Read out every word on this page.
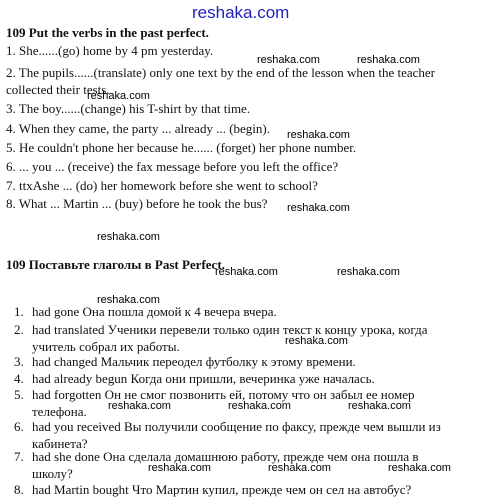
reshaka.com
109 Put the verbs in the past perfect.
1. She......(go) home by 4 pm yesterday.
2. The pupils......(translate) only one text by the end of the lesson when the teacher
collected their tests.
3. The boy......(change) his T-shirt by that time.
4. When they came, the party ... already ... (begin).
5. He couldn't phone her because he...... (forget) her phone number.
6. ... you ... (receive) the fax message before you left the office?
7. ttxAshe ... (do) her homework before she went to school?
8. What ... Martin ... (buy) before he took the bus?
109 Поставьте глаголы в Past Perfect.
1. had gone Она пошла домой к 4 вечера вчера.
2. had translated Ученики перевели только один текст к концу урока, когда
учитель собрал их работы.
3. had changed Мальчик переодел футболку к этому времени.
4. had already begun Когда они пришли, вечеринка уже началась.
5. had forgotten Он не смог позвонить ей, потому что он забыл ее номер
телефона.
6. had you received Вы получили сообщение по факсу, прежде чем вышли из
кабинета?
7. had she done Она сделала домашнюю работу, прежде чем она пошла в
школу?
8. had Martin bought Что Мартин купил, прежде чем он сел на автобус?
reshaka.com	reshaka.com
reshaka.com
reshaka.com
reshaka.com
reshaka.com
reshaka.com	reshaka.com
reshaka.com
reshaka.com
reshaka.com	reshaka.com	reshaka.com
reshaka.com	reshaka.com	reshaka.com
